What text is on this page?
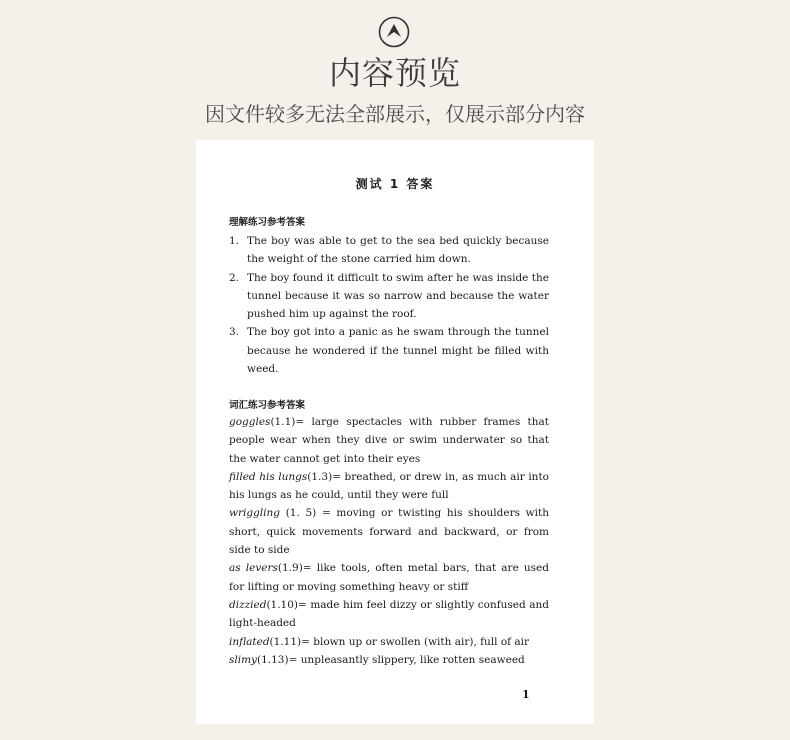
内容预览
因文件较多无法全部展示，仅展示部分内容
测试 1 答案
理解练习参考答案
1. The boy was able to get to the sea bed quickly because the weight of the stone carried him down.
2. The boy found it difficult to swim after he was inside the tunnel because it was so narrow and because the water pushed him up against the roof.
3. The boy got into a panic as he swam through the tunnel because he wondered if the tunnel might be filled with weed.
词汇练习参考答案
goggles(1.1)= large spectacles with rubber frames that people wear when they dive or swim underwater so that the water cannot get into their eyes
filled his lungs(1.3)= breathed, or drew in, as much air into his lungs as he could, until they were full
wriggling (1. 5) = moving or twisting his shoulders with short, quick movements forward and backward, or from side to side
as levers(1.9)= like tools, often metal bars, that are used for lifting or moving something heavy or stiff
dizzied(1.10)= made him feel dizzy or slightly confused and light-headed
inflated(1.11)= blown up or swollen (with air), full of air
slimy(1.13)= unpleasantly slippery, like rotten seaweed
1
